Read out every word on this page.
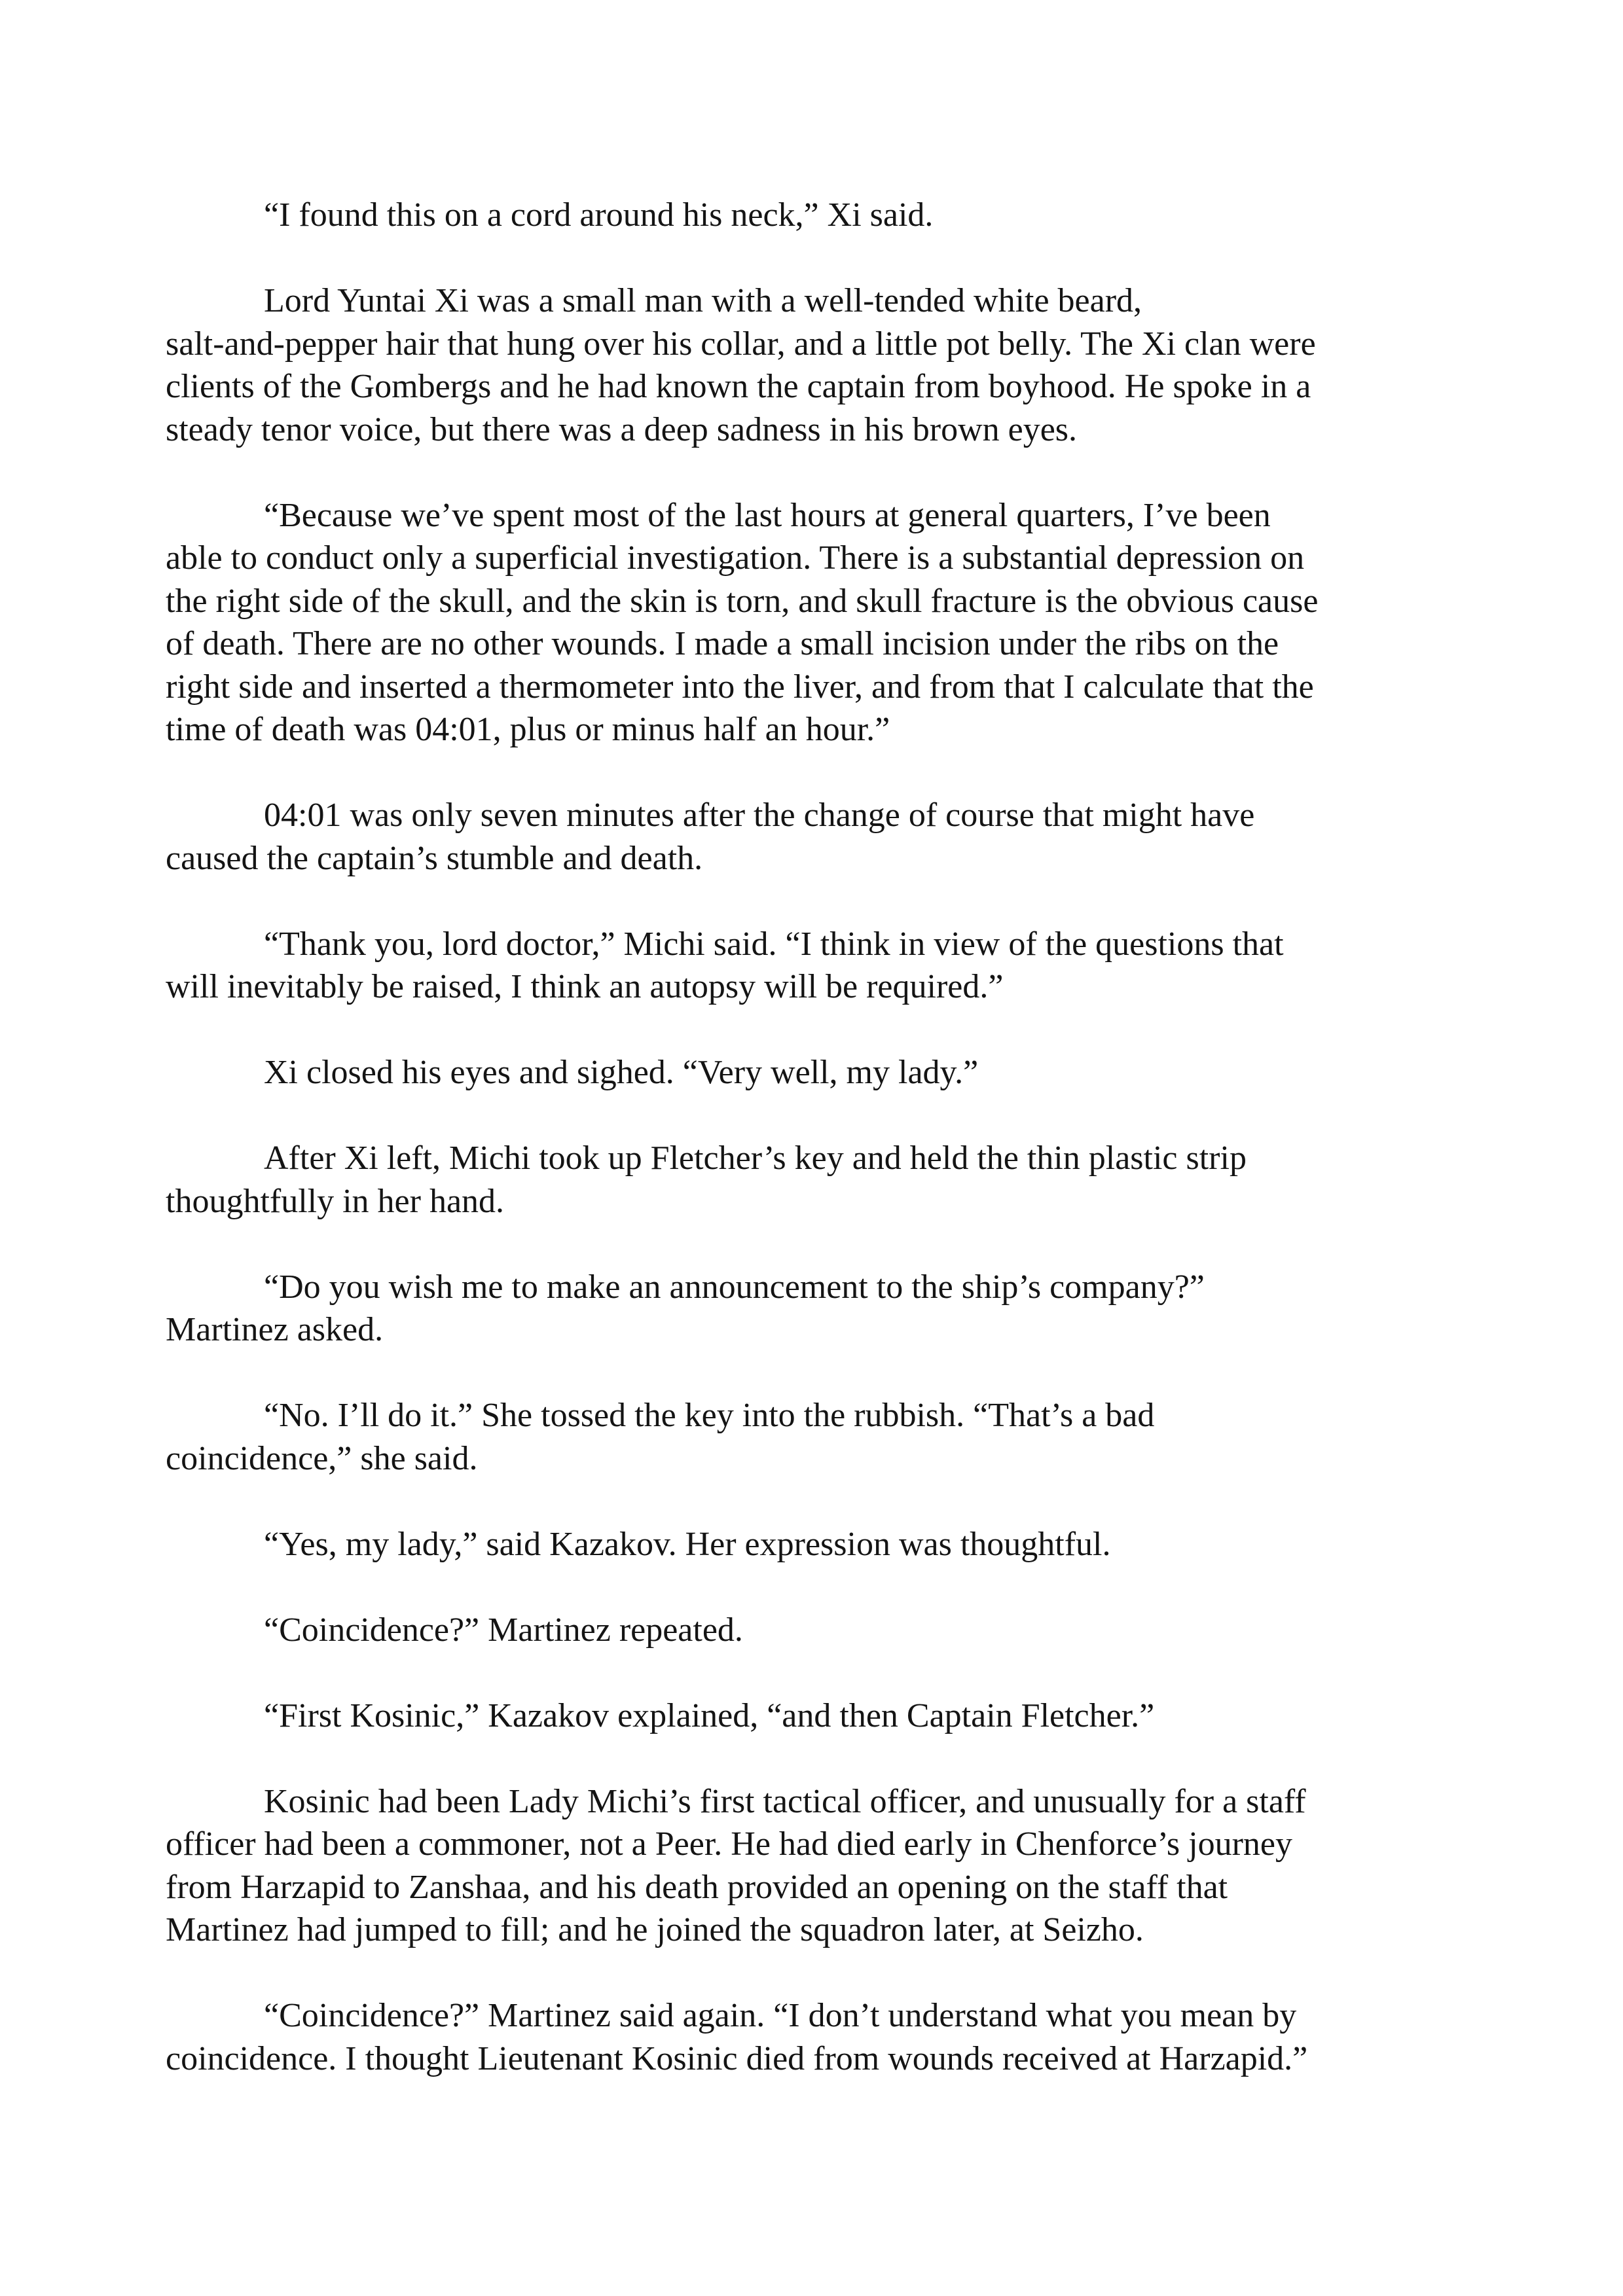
“I found this on a cord around his neck,” Xi said.

Lord Yuntai Xi was a small man with a well-tended white beard,
salt-and-pepper hair that hung over his collar, and a little pot belly. The Xi clan were
clients of the Gombergs and he had known the captain from boyhood. He spoke in a
steady tenor voice, but there was a deep sadness in his brown eyes.

“Because we’ve spent most of the last hours at general quarters, I’ve been
able to conduct only a superficial investigation. There is a substantial depression on
the right side of the skull, and the skin is torn, and skull fracture is the obvious cause
of death. There are no other wounds. I made a small incision under the ribs on the
right side and inserted a thermometer into the liver, and from that I calculate that the
time of death was 04:01, plus or minus half an hour.”

04:01 was only seven minutes after the change of course that might have
caused the captain’s stumble and death.

“Thank you, lord doctor,” Michi said. “I think in view of the questions that
will inevitably be raised, I think an autopsy will be required.”

Xi closed his eyes and sighed. “Very well, my lady.”

After Xi left, Michi took up Fletcher’s key and held the thin plastic strip
thoughtfully in her hand.

“Do you wish me to make an announcement to the ship’s company?”
Martinez asked.

“No. I’ll do it.” She tossed the key into the rubbish. “That’s a bad
coincidence,” she said.

“Yes, my lady,” said Kazakov. Her expression was thoughtful.

“Coincidence?” Martinez repeated.

“First Kosinic,” Kazakov explained, “and then Captain Fletcher.”

Kosinic had been Lady Michi’s first tactical officer, and unusually for a staff
officer had been a commoner, not a Peer. He had died early in Chenforce’s journey
from Harzapid to Zanshaa, and his death provided an opening on the staff that
Martinez had jumped to fill; and he joined the squadron later, at Seizho.

“Coincidence?” Martinez said again. “I don’t understand what you mean by
coincidence. I thought Lieutenant Kosinic died from wounds received at Harzapid.”
